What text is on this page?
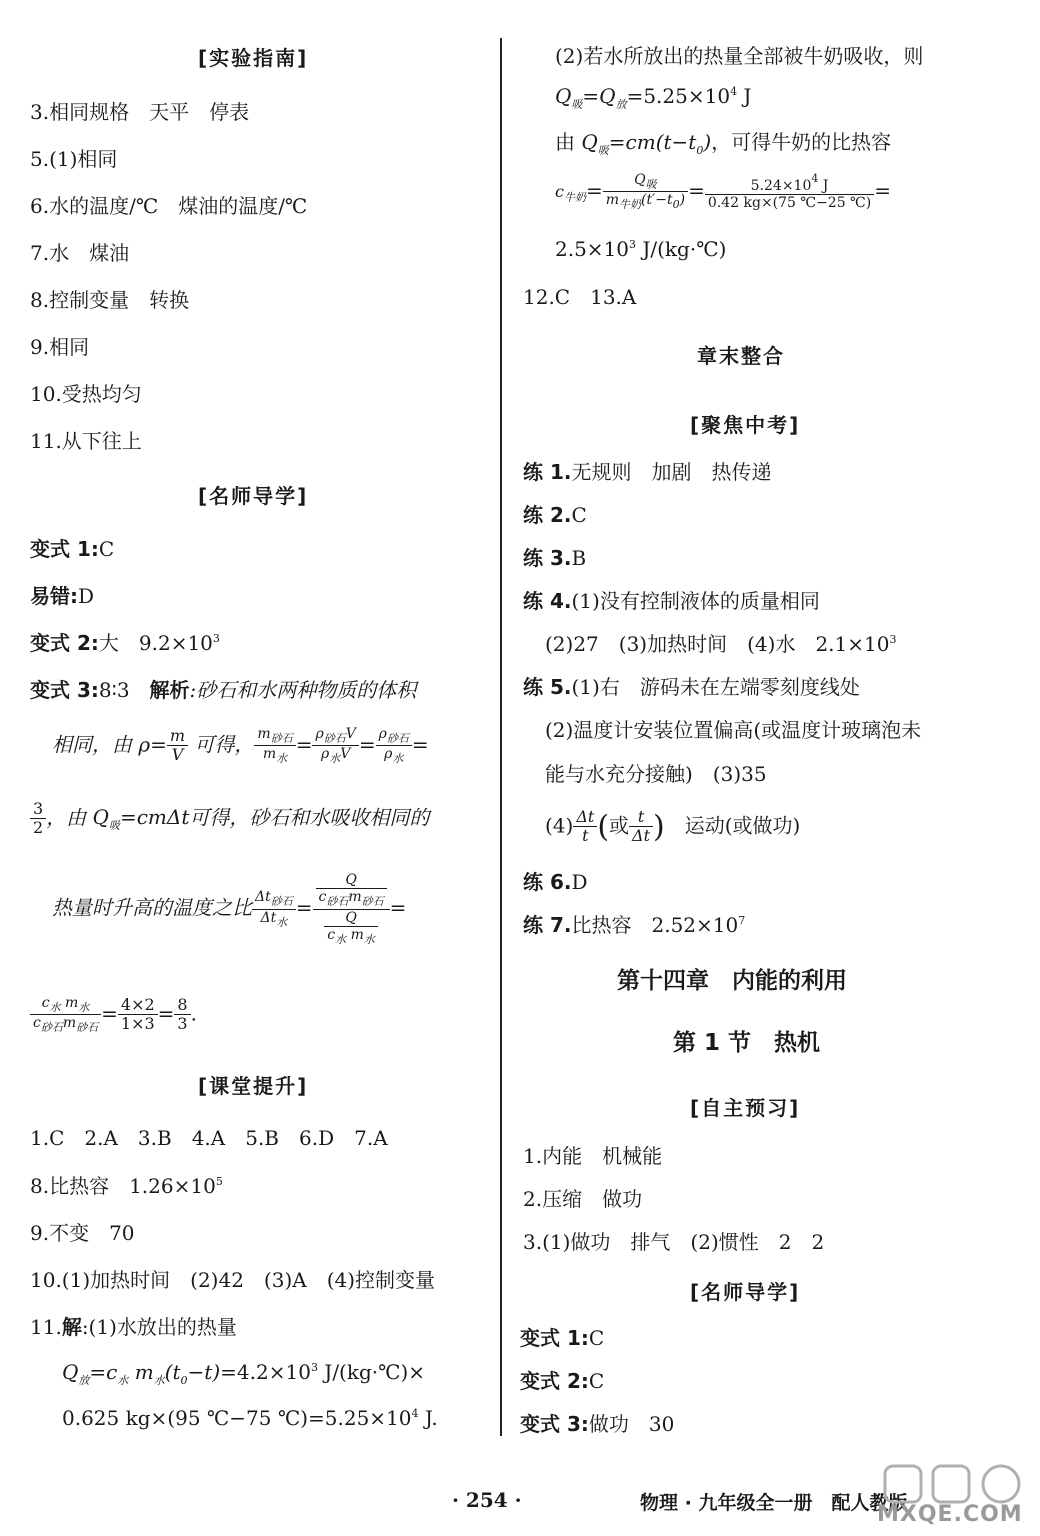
[实验指南]
3.相同规格　天平　停表
5.(1)相同
6.水的温度/℃　煤油的温度/℃
7.水　煤油
8.控制变量　转换
9.相同
10.受热均匀
11.从下往上
[名师导学]
变式 1:C
易错:D
变式 2:大　$9.2\times 10^3$
变式 3:8∶3　解析:砂石和水两种物质的体积
相同，由 $\rho= \frac{m}{V}$ 可得， $\frac{m_{砂石}}{m_水} = \frac{\rho_{砂石}V}{\rho_水V} = \frac{\rho_{砂石}}{\rho_水}$ =
$\frac{3}{2}$ ，由 $Q_吸=cm\Delta t$可得，砂石和水吸收相同的
热量时升高的温度之比 $\frac{\Delta t_{砂石}}{\Delta t_水} = \frac{\frac{Q}{c_{砂石}m_{砂石}}}{\frac{Q}{c_水 m_水}}$ =
$\frac{c_水 m_水}{c_{砂石}m_{砂石}} = \frac{4\times 2}{1\times 3} = \frac{8}{3}$ .
[课堂提升]
1.C　2.A　3.B　4.A　5.B　6.D　7.A
8.比热容　$1.26\times 10^5$
9.不变　70
10.(1)加热时间　(2)42　(3)A　(4)控制变量
11.解:(1)水放出的热量
$Q_放=c_水$ $m_水(t_0-t)=4.2\times 10^3$ J/(kg·℃)×
0.625 kg×(95 ℃−75 $℃)=5.25\times 10^4$ J.
(2)若水所放出的热量全部被牛奶吸收，则
$Q_吸=Q_放=5.25\times 10^4$ J
由 $Q_吸=cm(t-t_0)$，可得牛奶的比热容
$c_{牛奶}= \frac{Q_吸}{m_{牛奶}(t'-t_0)} = \frac{5.24\times 10^4 J}{0.42 kg\times(75 ℃-25 ℃)}$ =
$2.5\times 10^3$ J/(kg·℃)
12.C　13.A
章末整合
[聚焦中考]
练 1.无规则　加剧　热传递
练 2.C
练 3.B
练 4.(1)没有控制液体的质量相同
(2)27　(3)加热时间　(4)水　$2.1\times 10^3$
练 5.(1)右　游码未在左端零刻度线处
(2)温度计安装位置偏高(或温度计玻璃泡未
能与水充分接触)　(3)35
$(4) \frac{\Delta t}{t}$ (或 $\frac{t}{\Delta t}$ )　 运动(或做功)
练 6.D
练 7.比热容　$2.52\times 10^7$
第十四章　内能的利用
第 1 节　热机
[自主预习]
1.内能　机械能
2.压缩　做功
3.(1)做功　排气　(2)惯性　2　2
[名师导学]
变式 1:C
变式 2:C
变式 3:做功　30
· 254 ·	物理 · 九年级全一册　配人教版
MXQE.COM
